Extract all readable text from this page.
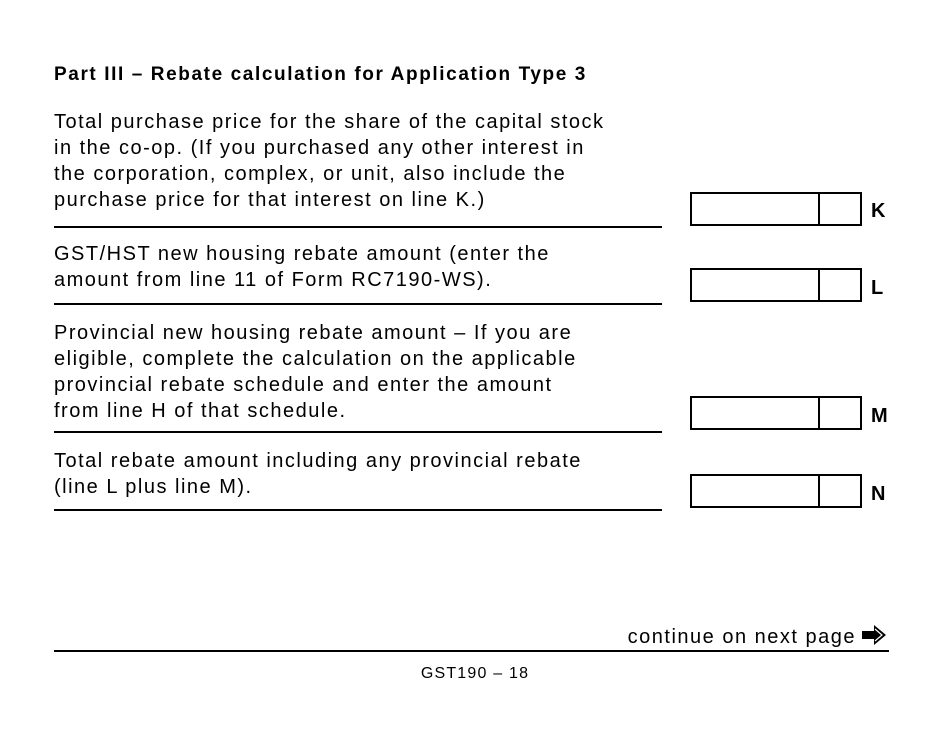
Part III – Rebate calculation for Application Type 3
Total purchase price for the share of the capital stock
in the co-op. (If you purchased any other interest in
the corporation, complex, or unit, also include the
purchase price for that interest on line K.)	K
GST/HST new housing rebate amount (enter the
amount from line 11 of Form RC7190-WS).	L
Provincial new housing rebate amount – If you are
eligible, complete the calculation on the applicable
provincial rebate schedule and enter the amount
from line H of that schedule.	M
Total rebate amount including any provincial rebate
(line L plus line M).	N
continue on next page
GST190 – 18
